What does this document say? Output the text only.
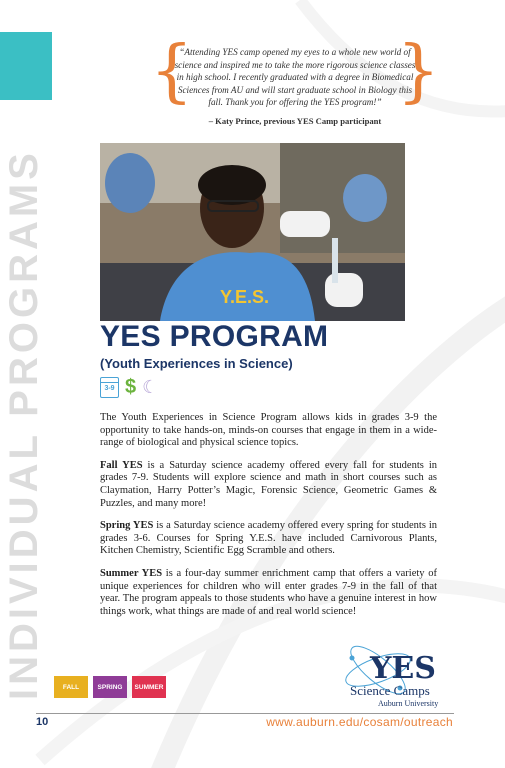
INDIVIDUAL PROGRAMS
{	}
“Attending YES camp opened my eyes to a whole new world of science and inspired me to take the more rigorous science classes in high school. I recently graduated with a degree in Biomedical Sciences from AU and will start graduate school in Biology this fall. Thank you for offering the YES program!”
– Katy Prince, previous YES Camp participant
Y.E.S.
YES PROGRAM
(Youth Experiences in Science)
3-9 $ ☾

The Youth Experiences in Science Program allows kids in grades 3-9 the opportunity to take hands-on, minds-on courses that engage in them in a wide-range of biological and physical science topics.

Fall YES is a Saturday science academy offered every fall for students in grades 7-9. Students will explore science and math in short courses such as Claymation, Harry Potter’s Magic, Forensic Science, Geometric Games & Puzzles, and many more!

Spring YES is a Saturday science academy offered every spring for students in grades 3-6. Courses for Spring Y.E.S. have included Carnivorous Plants, Kitchen Chemistry, Scientific Egg Scramble and others.

Summer YES is a four-day summer enrichment camp that offers a variety of unique experiences for children who will enter grades 7-9 in the fall of that year. The program appeals to those students who have a genuine interest in how things work, what things are made of and real world science!

YES
Science Camps
Auburn University
FALL	SPRING	SUMMER
10	www.auburn.edu/cosam/outreach
